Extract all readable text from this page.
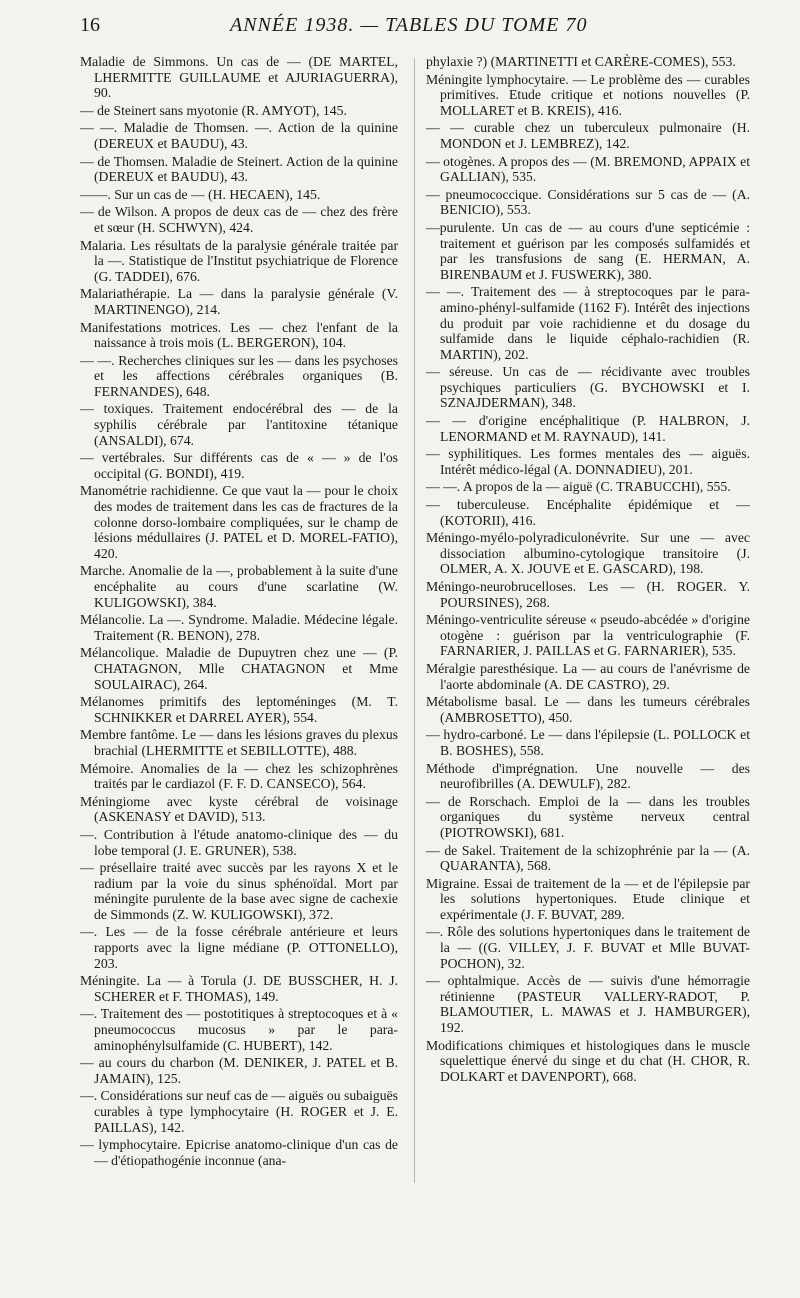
16	ANNÉE 1938. — TABLES DU TOME 70

Maladie de Simmons. Un cas de — (DE MARTEL, LHERMITTE GUILLAUME et AJURIAGUERRA), 90.

— de Steinert sans myotonie (R. AMYOT), 145.

— —. Maladie de Thomsen. —. Action de la quinine (DEREUX et BAUDU), 43.

— de Thomsen. Maladie de Steinert. Action de la quinine (DEREUX et BAUDU), 43.

——. Sur un cas de — (H. HECAEN), 145.

— de Wilson. A propos de deux cas de — chez des frère et sœur (H. SCHWYN), 424.

Malaria. Les résultats de la paralysie générale traitée par la —. Statistique de l'Institut psychiatrique de Florence (G. TADDEI), 676.

Malariathérapie. La — dans la paralysie générale (V. MARTINENGO), 214.

Manifestations motrices. Les — chez l'enfant de la naissance à trois mois (L. BERGERON), 104.

— —. Recherches cliniques sur les — dans les psychoses et les affections cérébrales organiques (B. FERNANDES), 648.

— toxiques. Traitement endocérébral des — de la syphilis cérébrale par l'antitoxine tétanique (ANSALDI), 674.

— vertébrales. Sur différents cas de « — » de l'os occipital (G. BONDI), 419.

Manométrie rachidienne. Ce que vaut la — pour le choix des modes de traitement dans les cas de fractures de la colonne dorso-lombaire compliquées, sur le champ de lésions médullaires (J. PATEL et D. MOREL-FATIO), 420.

Marche. Anomalie de la —, probablement à la suite d'une encéphalite au cours d'une scarlatine (W. KULIGOWSKI), 384.

Mélancolie. La —. Syndrome. Maladie. Médecine légale. Traitement (R. BENON), 278.

Mélancolique. Maladie de Dupuytren chez une — (P. CHATAGNON, Mlle CHATAGNON et Mme SOULAIRAC), 264.

Mélanomes primitifs des leptoméninges (M. T. SCHNIKKER et DARREL AYER), 554.

Membre fantôme. Le — dans les lésions graves du plexus brachial (LHERMITTE et SEBILLOTTE), 488.

Mémoire. Anomalies de la — chez les schizophrènes traités par le cardiazol (F. F. D. CANSECO), 564.

Méningiome avec kyste cérébral de voisinage (ASKENASY et DAVID), 513.

—. Contribution à l'étude anatomo-clinique des — du lobe temporal (J. E. GRUNER), 538.

— présellaire traité avec succès par les rayons X et le radium par la voie du sinus sphénoïdal. Mort par méningite purulente de la base avec signe de cachexie de Simmonds (Z. W. KULIGOWSKI), 372.

—. Les — de la fosse cérébrale antérieure et leurs rapports avec la ligne médiane (P. OTTONELLO), 203.

Méningite. La — à Torula (J. DE BUSSCHER, H. J. SCHERER et F. THOMAS), 149.

—. Traitement des — postotitiques à streptocoques et à « pneumococcus mucosus » par le para-aminophénylsulfamide (C. HUBERT), 142.

— au cours du charbon (M. DENIKER, J. PATEL et B. JAMAIN), 125.

—. Considérations sur neuf cas de — aiguës ou subaiguës curables à type lymphocytaire (H. ROGER et J. E. PAILLAS), 142.

— lymphocytaire. Epicrise anatomo-clinique d'un cas de — d'étiopathogénie inconnue (ana-

phylaxie ?) (MARTINETTI et CARÈRE-COMES), 553.

Méningite lymphocytaire. — Le problème des — curables primitives. Etude critique et notions nouvelles (P. MOLLARET et B. KREIS), 416.

— — curable chez un tuberculeux pulmonaire (H. MONDON et J. LEMBREZ), 142.

— otogènes. A propos des — (M. BREMOND, APPAIX et GALLIAN), 535.

— pneumococcique. Considérations sur 5 cas de — (A. BENICIO), 553.

—purulente. Un cas de — au cours d'une septicémie : traitement et guérison par les composés sulfamidés et par les transfusions de sang (E. HERMAN, A. BIRENBAUM et J. FUSWERK), 380.

— —. Traitement des — à streptocoques par le para-amino-phényl-sulfamide (1162 F). Intérêt des injections du produit par voie rachidienne et du dosage du sulfamide dans le liquide céphalo-rachidien (R. MARTIN), 202.

— séreuse. Un cas de — récidivante avec troubles psychiques particuliers (G. BYCHOWSKI et I. SZNAJDERMAN), 348.

— — d'origine encéphalitique (P. HALBRON, J. LENORMAND et M. RAYNAUD), 141.

— syphilitiques. Les formes mentales des — aiguës. Intérêt médico-légal (A. DONNADIEU), 201.

— —. A propos de la — aiguë (C. TRABUCCHI), 555.

— tuberculeuse. Encéphalite épidémique et — (KOTORII), 416.

Méningo-myélo-polyradiculonévrite. Sur une — avec dissociation albumino-cytologique transitoire (J. OLMER, A. X. JOUVE et E. GASCARD), 198.

Méningo-neurobrucelloses. Les — (H. ROGER. Y. POURSINES), 268.

Méningo-ventriculite séreuse « pseudo-abcédée » d'origine otogène : guérison par la ventriculographie (F. FARNARIER, J. PAILLAS et G. FARNARIER), 535.

Méralgie paresthésique. La — au cours de l'anévrisme de l'aorte abdominale (A. DE CASTRO), 29.

Métabolisme basal. Le — dans les tumeurs cérébrales (AMBROSETTO), 450.

— hydro-carboné. Le — dans l'épilepsie (L. POLLOCK et B. BOSHES), 558.

Méthode d'imprégnation. Une nouvelle — des neurofibrilles (A. DEWULF), 282.

— de Rorschach. Emploi de la — dans les troubles organiques du système nerveux central (PIOTROWSKI), 681.

— de Sakel. Traitement de la schizophrénie par la — (A. QUARANTA), 568.

Migraine. Essai de traitement de la — et de l'épilepsie par les solutions hypertoniques. Etude clinique et expérimentale (J. F. BUVAT, 289.

—. Rôle des solutions hypertoniques dans le traitement de la — ((G. VILLEY, J. F. BUVAT et Mlle BUVAT-POCHON), 32.

— ophtalmique. Accès de — suivis d'une hémorragie rétinienne (PASTEUR VALLERY-RADOT, P. BLAMOUTIER, L. MAWAS et J. HAMBURGER), 192.

Modifications chimiques et histologiques dans le muscle squelettique énervé du singe et du chat (H. CHOR, R. DOLKART et DAVENPORT), 668.
